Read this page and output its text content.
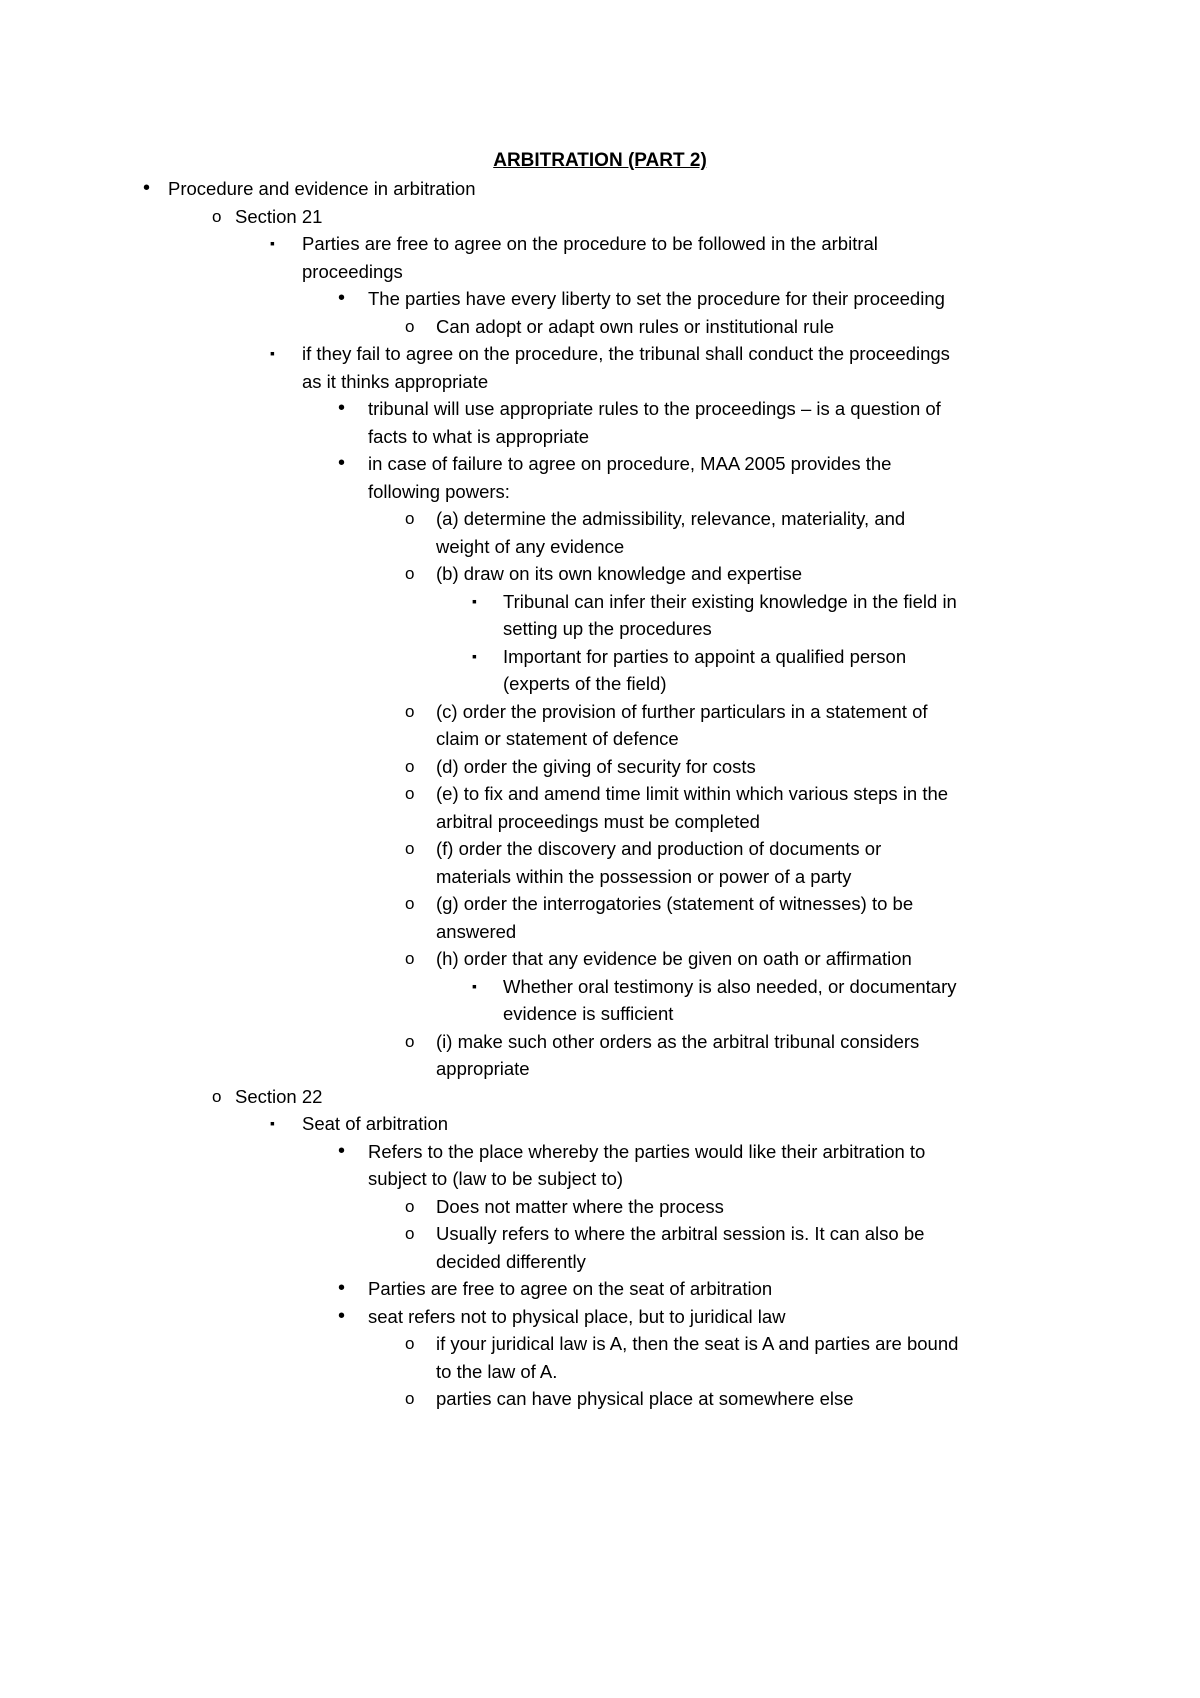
ARBITRATION (PART 2)
• Procedure and evidence in arbitration
o Section 21
▪ Parties are free to agree on the procedure to be followed in the arbitral
proceedings
• The parties have every liberty to set the procedure for their proceeding
o Can adopt or adapt own rules or institutional rule
▪ if they fail to agree on the procedure, the tribunal shall conduct the proceedings
as it thinks appropriate
• tribunal will use appropriate rules to the proceedings – is a question of
facts to what is appropriate
• in case of failure to agree on procedure, MAA 2005 provides the
following powers:
o (a) determine the admissibility, relevance, materiality, and
weight of any evidence
o (b) draw on its own knowledge and expertise
▪ Tribunal can infer their existing knowledge in the field in
setting up the procedures
▪ Important for parties to appoint a qualified person
(experts of the field)
o (c) order the provision of further particulars in a statement of
claim or statement of defence
o (d) order the giving of security for costs
o (e) to fix and amend time limit within which various steps in the
arbitral proceedings must be completed
o (f) order the discovery and production of documents or
materials within the possession or power of a party
o (g) order the interrogatories (statement of witnesses) to be
answered
o (h) order that any evidence be given on oath or affirmation
▪ Whether oral testimony is also needed, or documentary
evidence is sufficient
o (i) make such other orders as the arbitral tribunal considers
appropriate
o Section 22
▪ Seat of arbitration
• Refers to the place whereby the parties would like their arbitration to
subject to (law to be subject to)
o Does not matter where the process
o Usually refers to where the arbitral session is. It can also be
decided differently
• Parties are free to agree on the seat of arbitration
• seat refers not to physical place, but to juridical law
o if your juridical law is A, then the seat is A and parties are bound
to the law of A.
o parties can have physical place at somewhere else
